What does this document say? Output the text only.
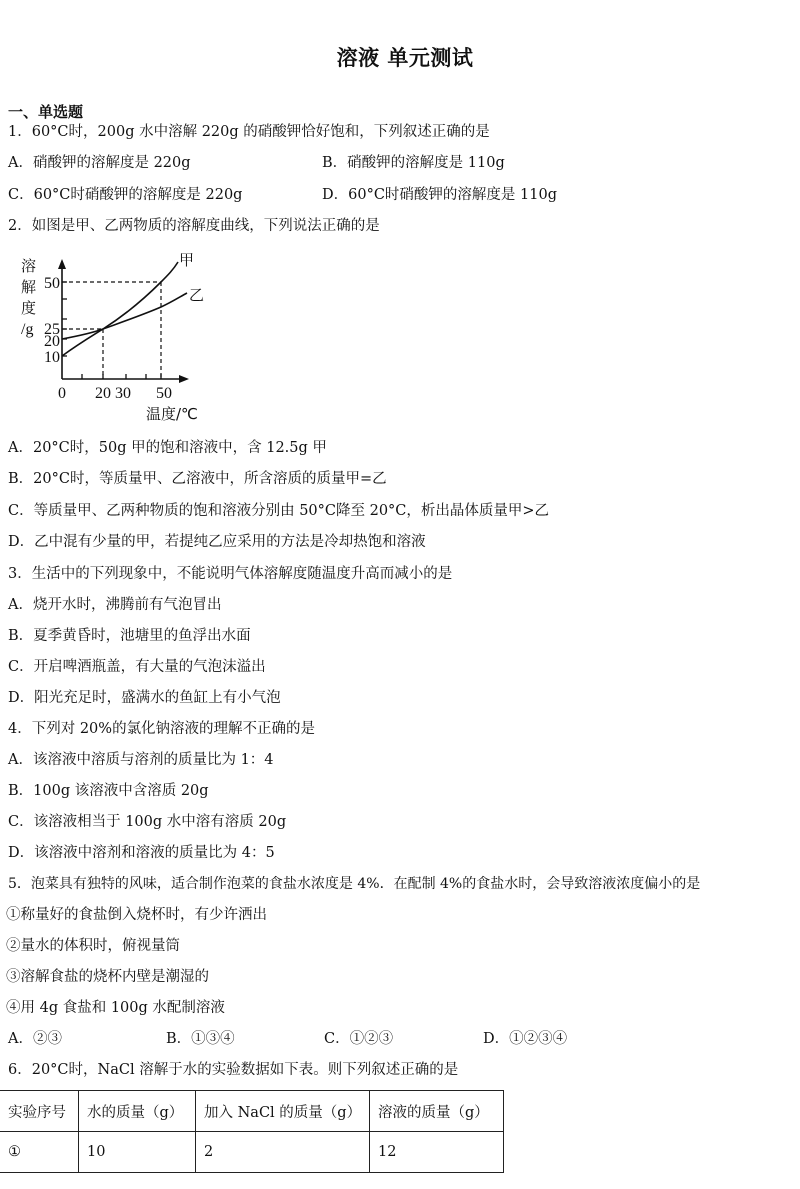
溶液 单元测试
一、单选题
1．60°C时，200g 水中溶解 220g 的硝酸钾恰好饱和，下列叙述正确的是
A．硝酸钾的溶解度是 220g	B．硝酸钾的溶解度是 110g
C．60°C时硝酸钾的溶解度是 220g	D．60°C时硝酸钾的溶解度是 110g
2．如图是甲、乙两物质的溶解度曲线，下列说法正确的是
溶
解
度
/g
50
25
20
10
0 20 30 50
温度/℃
甲
乙
A．20°C时，50g 甲的饱和溶液中，含 12.5g 甲
B．20°C时，等质量甲、乙溶液中，所含溶质的质量甲=乙
C．等质量甲、乙两种物质的饱和溶液分别由 50°C降至 20°C，析出晶体质量甲>乙
D．乙中混有少量的甲，若提纯乙应采用的方法是冷却热饱和溶液
3．生活中的下列现象中，不能说明气体溶解度随温度升高而减小的是
A．烧开水时，沸腾前有气泡冒出
B．夏季黄昏时，池塘里的鱼浮出水面
C．开启啤酒瓶盖，有大量的气泡沫溢出
D．阳光充足时，盛满水的鱼缸上有小气泡
4．下列对 20%的氯化钠溶液的理解不正确的是
A．该溶液中溶质与溶剂的质量比为 1：4
B．100g 该溶液中含溶质 20g
C．该溶液相当于 100g 水中溶有溶质 20g
D．该溶液中溶剂和溶液的质量比为 4：5
5．泡菜具有独特的风味，适合制作泡菜的食盐水浓度是 4%．在配制 4%的食盐水时，会导致溶液浓度偏小的是
①称量好的食盐倒入烧杯时，有少许洒出
②量水的体积时，俯视量筒
③溶解食盐的烧杯内壁是潮湿的
④用 4g 食盐和 100g 水配制溶液
A．②③	B．①③④	C．①②③	D．①②③④
6．20°C时，NaCl 溶解于水的实验数据如下表。则下列叙述正确的是
实验序号	水的质量（g）	加入 NaCl 的质量（g）	溶液的质量（g）
①	10	2	12
